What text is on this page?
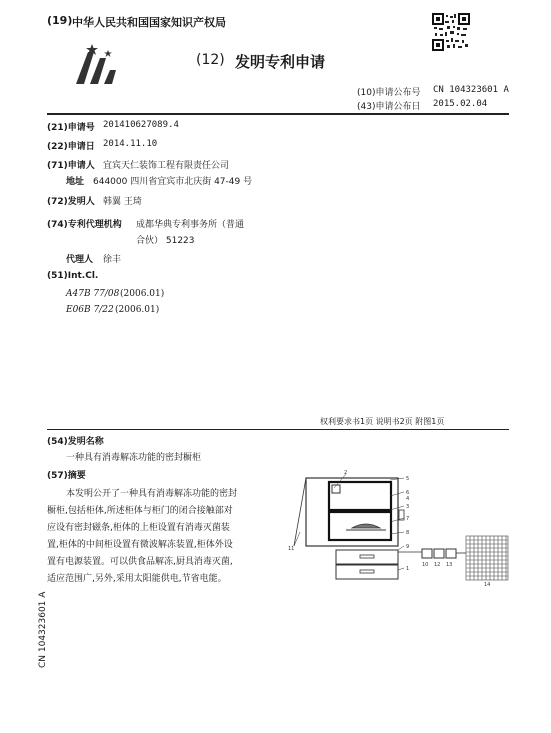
(19) 中华人民共和国国家知识产权局
(12) 发明专利申请
(10)申请公布号 CN 104323601 A
(43)申请公布日 2015.02.04
(21)申请号 201410627089.4
(22)申请日 2014.11.10
(71)申请人 宜宾天仁装饰工程有限责任公司
地址 644000 四川省宜宾市北庆街 47-49 号
(72)发明人 韩翼 王琦
(74)专利代理机构 成都华典专利事务所（普通
合伙） 51223
代理人 徐丰
(51)Int.Cl.
A47B 77/08 (2006.01)
E06B 7/22 (2006.01)
权利要求书1页 说明书2页 附图1页
(54)发明名称
一种具有消毒解冻功能的密封橱柜
(57)摘要
本发明公开了一种具有消毒解冻功能的密封
橱柜,包括柜体,所述柜体与柜门的闭合接触部对
应设有密封磁条,柜体的上柜设置有消毒灭菌装
置,柜体的中间柜设置有微波解冻装置,柜体外设
置有电源装置。可以供食品解冻,厨具消毒灭菌,
适应范围广,另外,采用太阳能供电,节省电能。
2
5
6
3
7
8
9
1
4
11
10 12 13
14
CN 104323601 A
